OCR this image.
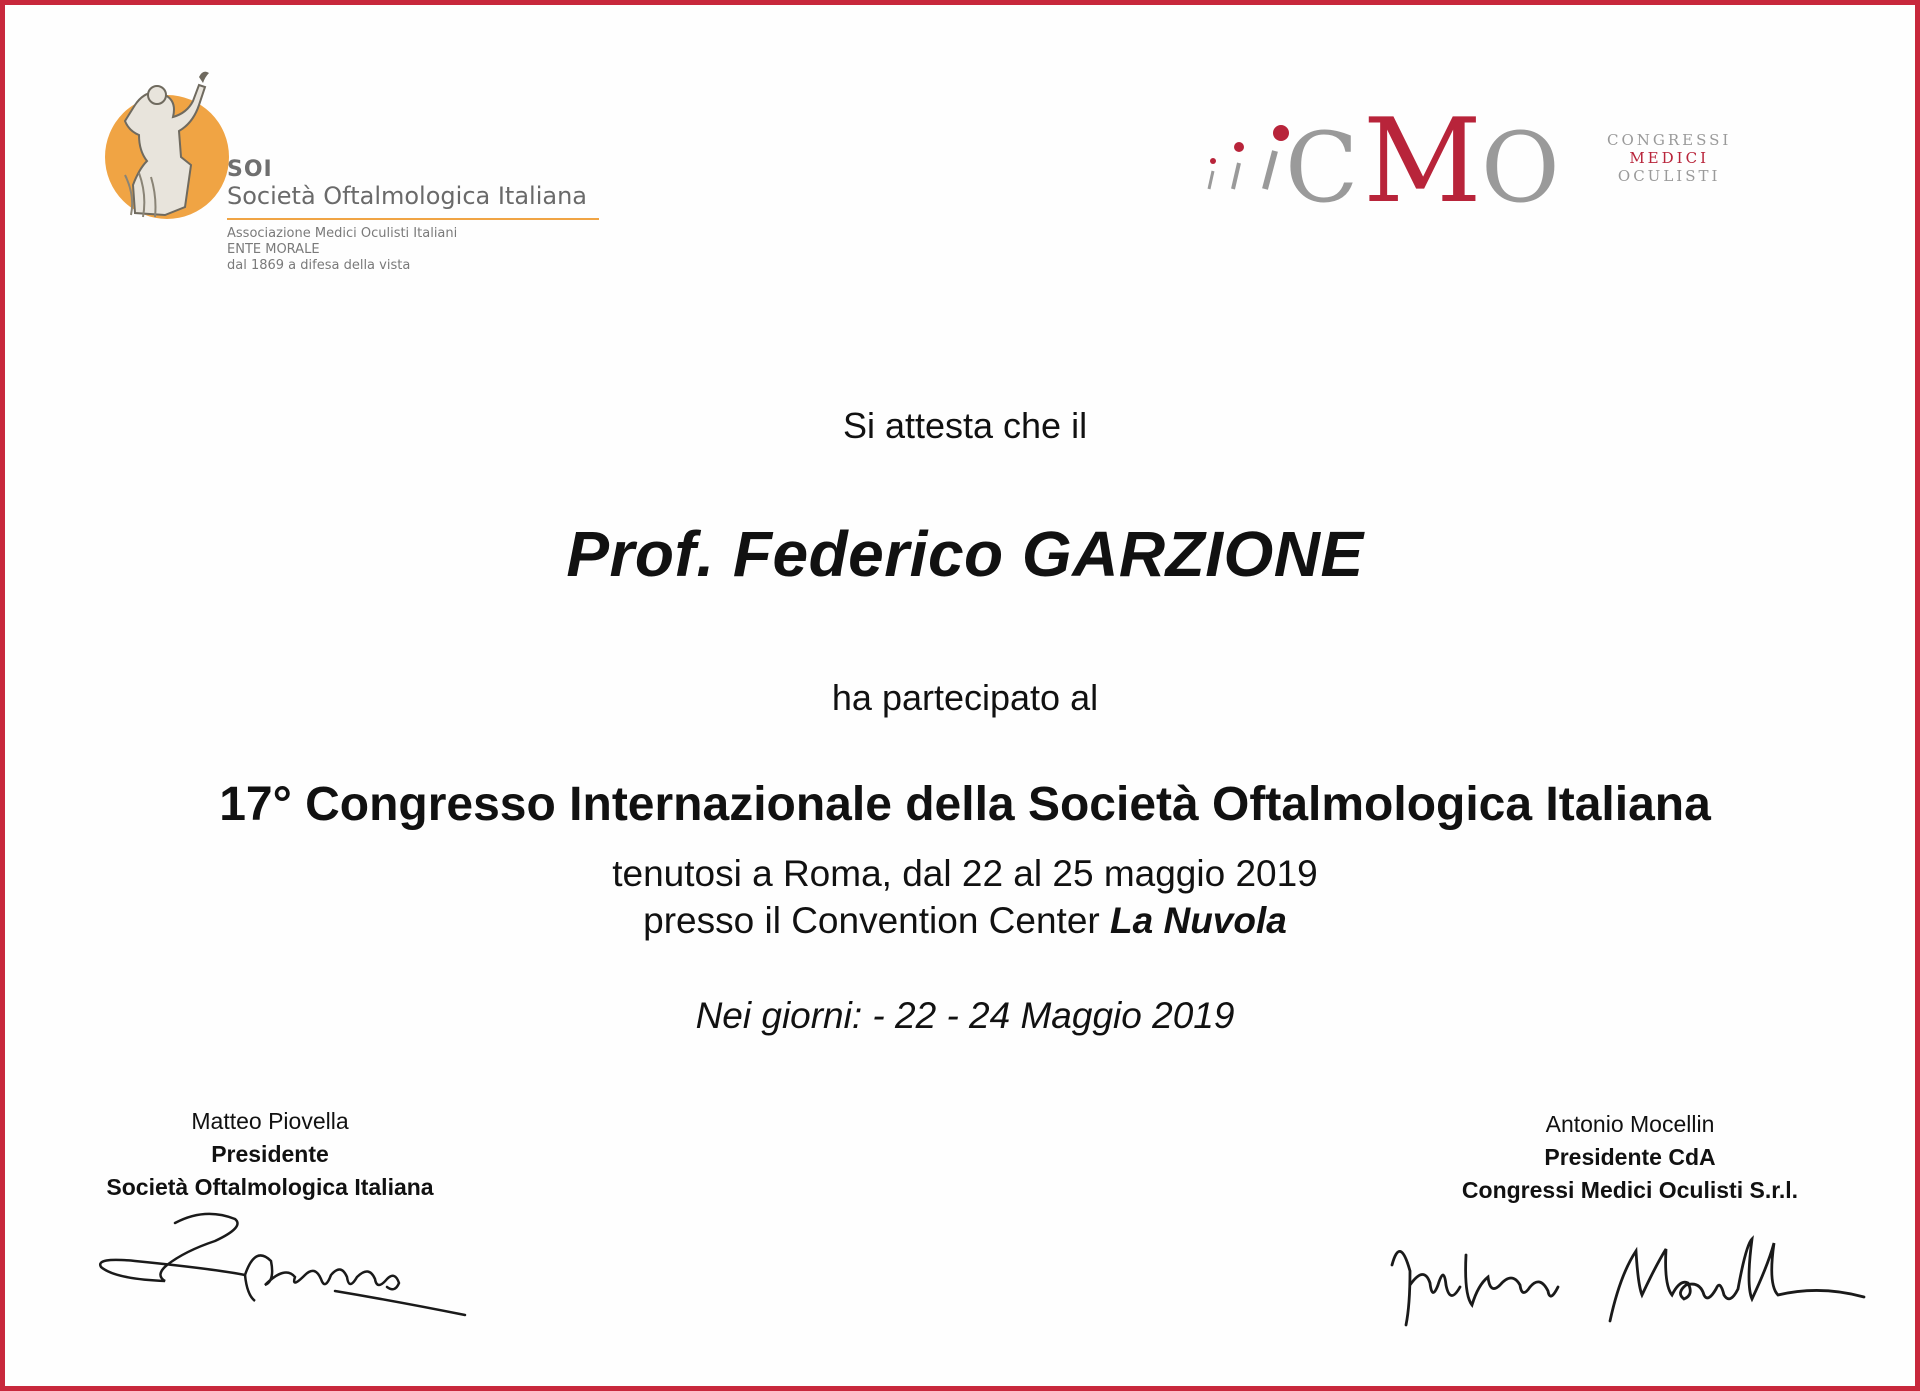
SOI
Società Oftalmologica Italiana
Associazione Medici Oculisti Italiani
ENTE MORALE
dal 1869 a difesa della vista
C M O	CONGRESSI
MEDICI
OCULISTI
Si attesta che il
Prof. Federico GARZIONE
ha partecipato al
17° Congresso Internazionale della Società Oftalmologica Italiana
tenutosi a Roma, dal 22 al 25 maggio 2019
presso il Convention Center La Nuvola
Nei giorni: - 22 - 24 Maggio 2019
Matteo Piovella
Presidente
Società Oftalmologica Italiana
Antonio Mocellin
Presidente CdA
Congressi Medici Oculisti S.r.l.
